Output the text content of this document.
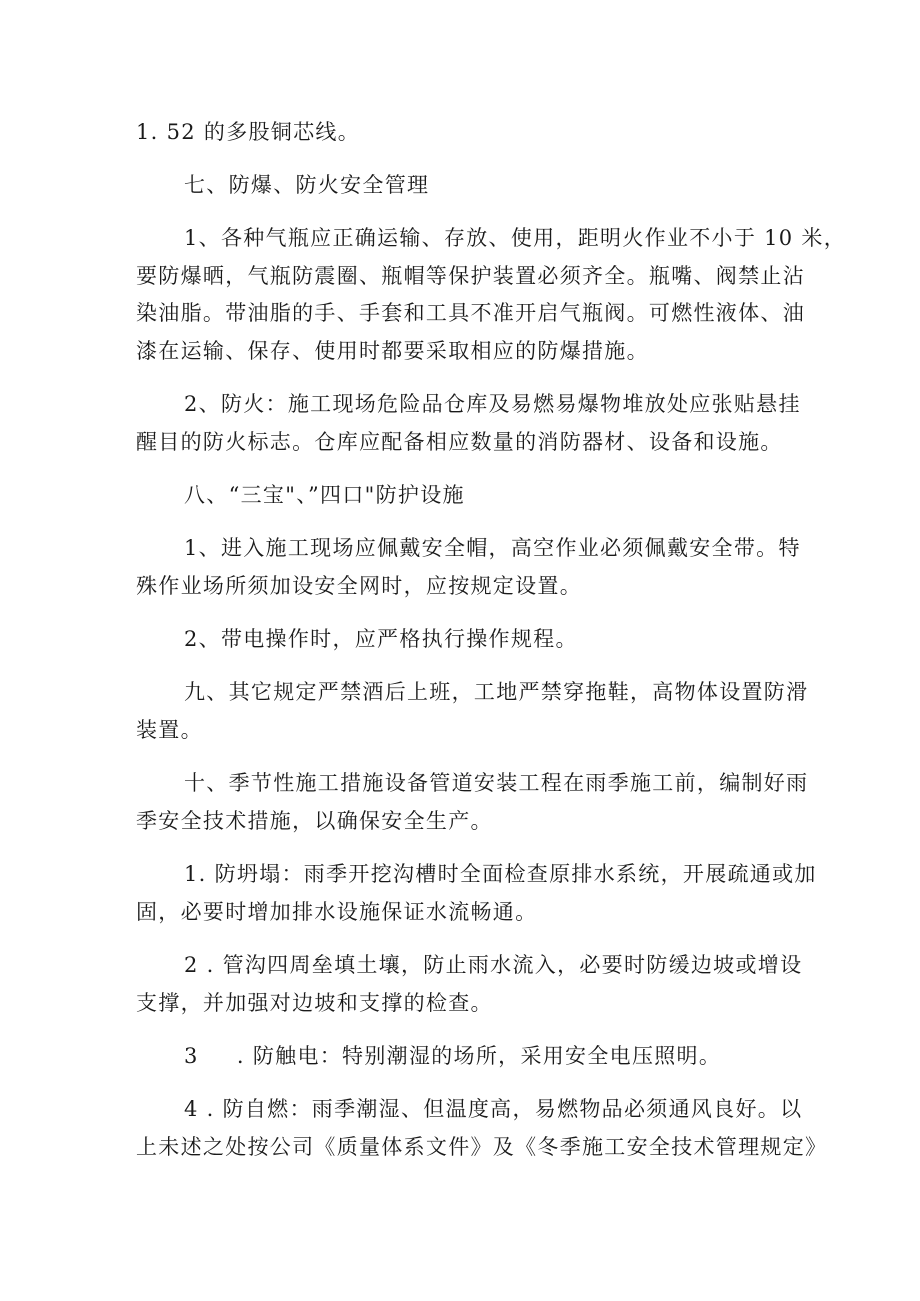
1. 52 的多股铜芯线。
七、防爆、防火安全管理
1、各种气瓶应正确运输、存放、使用，距明火作业不小于 10 米，
要防爆晒，气瓶防震圈、瓶帽等保护装置必须齐全。瓶嘴、阀禁止沾
染油脂。带油脂的手、手套和工具不准开启气瓶阀。可燃性液体、油
漆在运输、保存、使用时都要采取相应的防爆措施。
2、防火：施工现场危险品仓库及易燃易爆物堆放处应张贴悬挂
醒目的防火标志。仓库应配备相应数量的消防器材、设备和设施。
八、“三宝"、”四口"防护设施
1、进入施工现场应佩戴安全帽，高空作业必须佩戴安全带。特
殊作业场所须加设安全网时，应按规定设置。
2、带电操作时，应严格执行操作规程。
九、其它规定严禁酒后上班，工地严禁穿拖鞋，高物体设置防滑
装置。
十、季节性施工措施设备管道安装工程在雨季施工前，编制好雨
季安全技术措施，以确保安全生产。
1. 防坍塌：雨季开挖沟槽时全面检查原排水系统，开展疏通或加
固，必要时增加排水设施保证水流畅通。
2 . 管沟四周垒填土壤，防止雨水流入，必要时防缓边坡或增设
支撑，并加强对边坡和支撑的检查。
3 　 . 防触电：特别潮湿的场所，采用安全电压照明。
4 . 防自燃：雨季潮湿、但温度高，易燃物品必须通风良好。以
上未述之处按公司《质量体系文件》及《冬季施工安全技术管理规定》
